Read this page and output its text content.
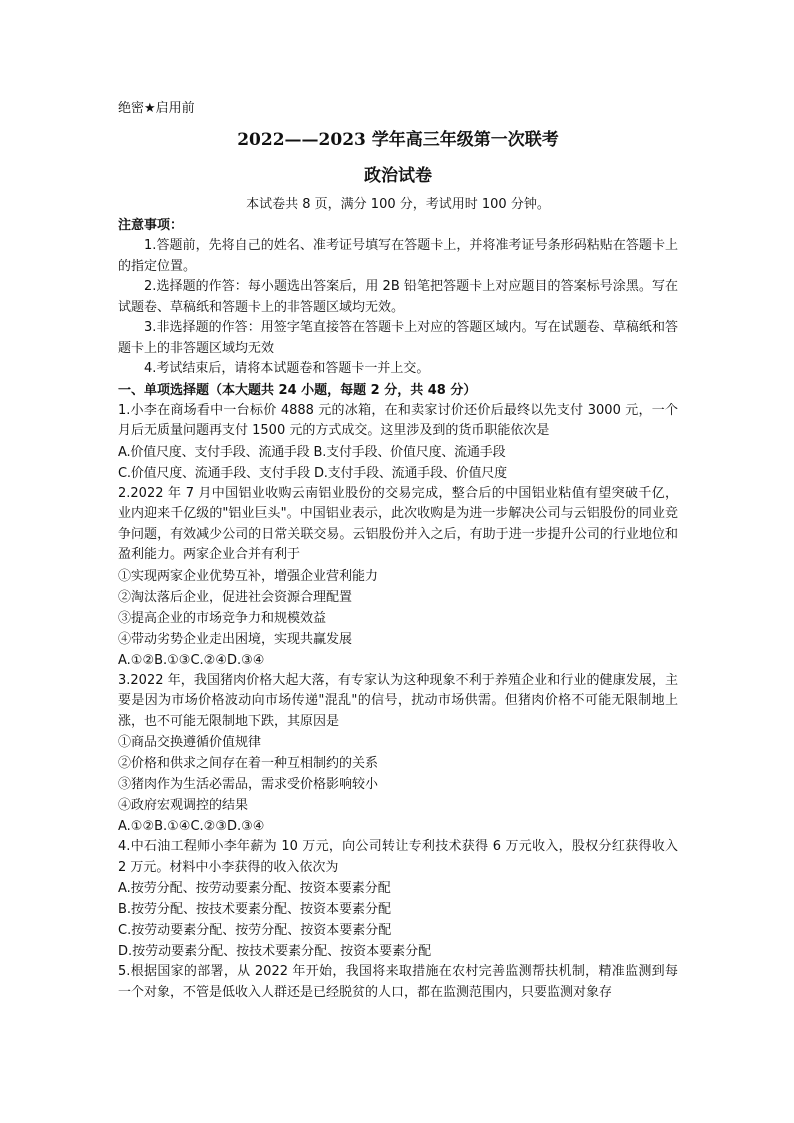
绝密★启用前
2022——2023 学年高三年级第一次联考
政治试卷
本试卷共 8 页，满分 100 分，考试用时 100 分钟。
注意事项：
1.答题前，先将自己的姓名、准考证号填写在答题卡上，并将准考证号条形码粘贴在答题卡上的指定位置。
2.选择题的作答：每小题选出答案后，用 2B 铅笔把答题卡上对应题目的答案标号涂黑。写在试题卷、草稿纸和答题卡上的非答题区域均无效。
3.非选择题的作答：用签字笔直接答在答题卡上对应的答题区域内。写在试题卷、草稿纸和答题卡上的非答题区域均无效
4.考试结束后，请将本试题卷和答题卡一并上交。
一、单项选择题（本大题共 24 小题，每题 2 分，共 48 分）
1.小李在商场看中一台标价 4888 元的冰箱，在和卖家讨价还价后最终以先支付 3000 元，一个月后无质量问题再支付 1500 元的方式成交。这里涉及到的货币职能依次是
A.价值尺度、支付手段、流通手段 B.支付手段、价值尺度、流通手段
C.价值尺度、流通手段、支付手段 D.支付手段、流通手段、价值尺度
2.2022 年 7 月中国铝业收购云南铝业股份的交易完成，整合后的中国铝业粘值有望突破千亿，业内迎来千亿级的"铝业巨头"。中国铝业表示，此次收购是为进一步解决公司与云铝股份的同业竞争问题，有效减少公司的日常关联交易。云铝股份并入之后，有助于进一步提升公司的行业地位和盈利能力。两家企业合并有利于
①实现两家企业优势互补，增强企业营利能力
②淘汰落后企业，促进社会资源合理配置
③提高企业的市场竞争力和规模效益
④带动劣势企业走出困境，实现共赢发展
A.①②B.①③C.②④D.③④
3.2022 年，我国猪肉价格大起大落，有专家认为这种现象不利于养殖企业和行业的健康发展，主要是因为市场价格波动向市场传递"混乱"的信号，扰动市场供需。但猪肉价格不可能无限制地上涨，也不可能无限制地下跌，其原因是
①商品交换遵循价值规律
②价格和供求之间存在着一种互相制约的关系
③猪肉作为生活必需品，需求受价格影响较小
④政府宏观调控的结果
A.①②B.①④C.②③D.③④
4.中石油工程师小李年薪为 10 万元，向公司转让专利技术获得 6 万元收入，股权分红获得收入 2 万元。材料中小李获得的收入依次为
A.按劳分配、按劳动要素分配、按资本要素分配
B.按劳分配、按技术要素分配、按资本要素分配
C.按劳动要素分配、按劳分配、按资本要素分配
D.按劳动要素分配、按技术要素分配、按资本要素分配
5.根据国家的部署，从 2022 年开始，我国将来取措施在农村完善监测帮扶机制，精准监测到每一个对象，不管是低收入人群还是已经脱贫的人口，都在监测范围内，只要监测对象存
